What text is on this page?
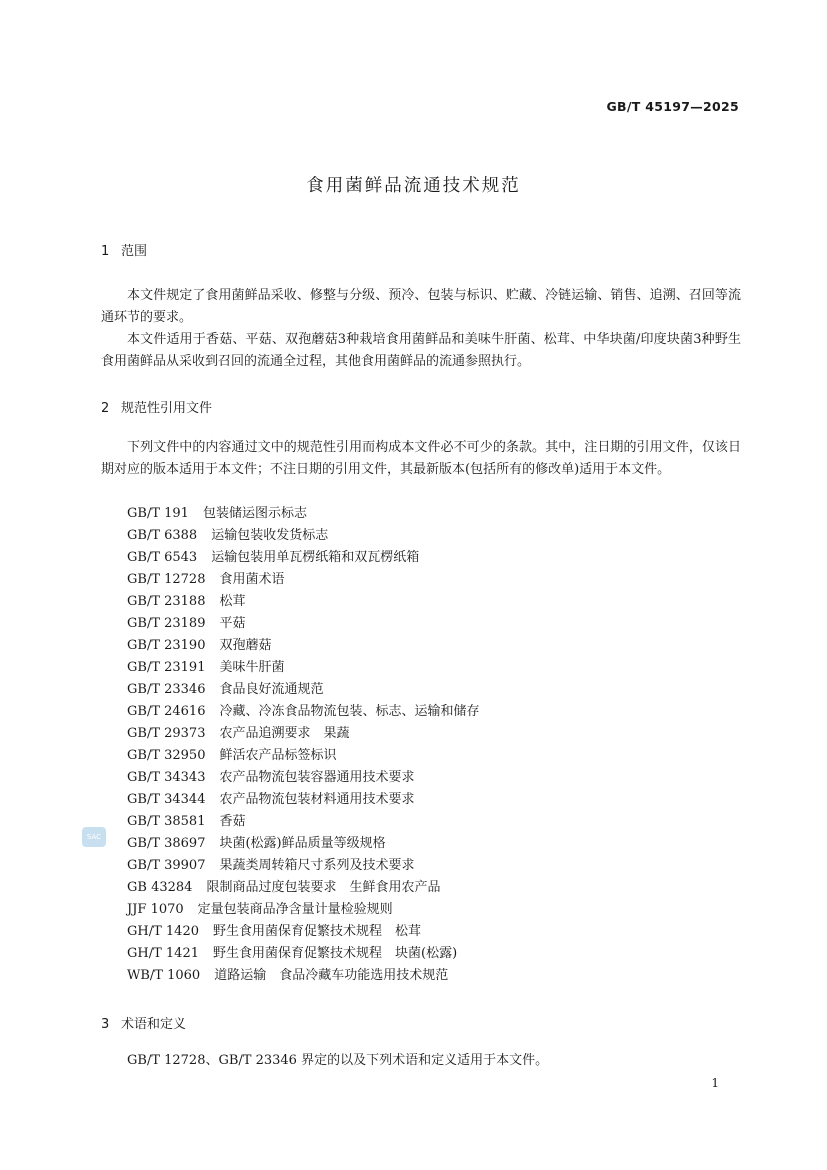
GB/T 45197—2025
食用菌鲜品流通技术规范
1 范围
本文件规定了食用菌鲜品采收、修整与分级、预冷、包装与标识、贮藏、冷链运输、销售、追溯、召回等流通环节的要求。
本文件适用于香菇、平菇、双孢蘑菇3种栽培食用菌鲜品和美味牛肝菌、松茸、中华块菌/印度块菌3种野生食用菌鲜品从采收到召回的流通全过程，其他食用菌鲜品的流通参照执行。
2 规范性引用文件
下列文件中的内容通过文中的规范性引用而构成本文件必不可少的条款。其中，注日期的引用文件，仅该日期对应的版本适用于本文件；不注日期的引用文件，其最新版本(包括所有的修改单)适用于本文件。
GB/T 191 包装储运图示标志
GB/T 6388 运输包装收发货标志
GB/T 6543 运输包装用单瓦楞纸箱和双瓦楞纸箱
GB/T 12728 食用菌术语
GB/T 23188 松茸
GB/T 23189 平菇
GB/T 23190 双孢蘑菇
GB/T 23191 美味牛肝菌
GB/T 23346 食品良好流通规范
GB/T 24616 冷藏、冷冻食品物流包装、标志、运输和储存
GB/T 29373 农产品追溯要求　果蔬
GB/T 32950 鲜活农产品标签标识
GB/T 34343 农产品物流包装容器通用技术要求
GB/T 34344 农产品物流包装材料通用技术要求
GB/T 38581 香菇
GB/T 38697 块菌(松露)鲜品质量等级规格
GB/T 39907 果蔬类周转箱尺寸系列及技术要求
GB 43284 限制商品过度包装要求　生鲜食用农产品
JJF 1070 定量包装商品净含量计量检验规则
GH/T 1420 野生食用菌保育促繁技术规程　松茸
GH/T 1421 野生食用菌保育促繁技术规程　块菌(松露)
WB/T 1060 道路运输　食品冷藏车功能选用技术规范
SAC
3 术语和定义
GB/T 12728、GB/T 23346 界定的以及下列术语和定义适用于本文件。
1
